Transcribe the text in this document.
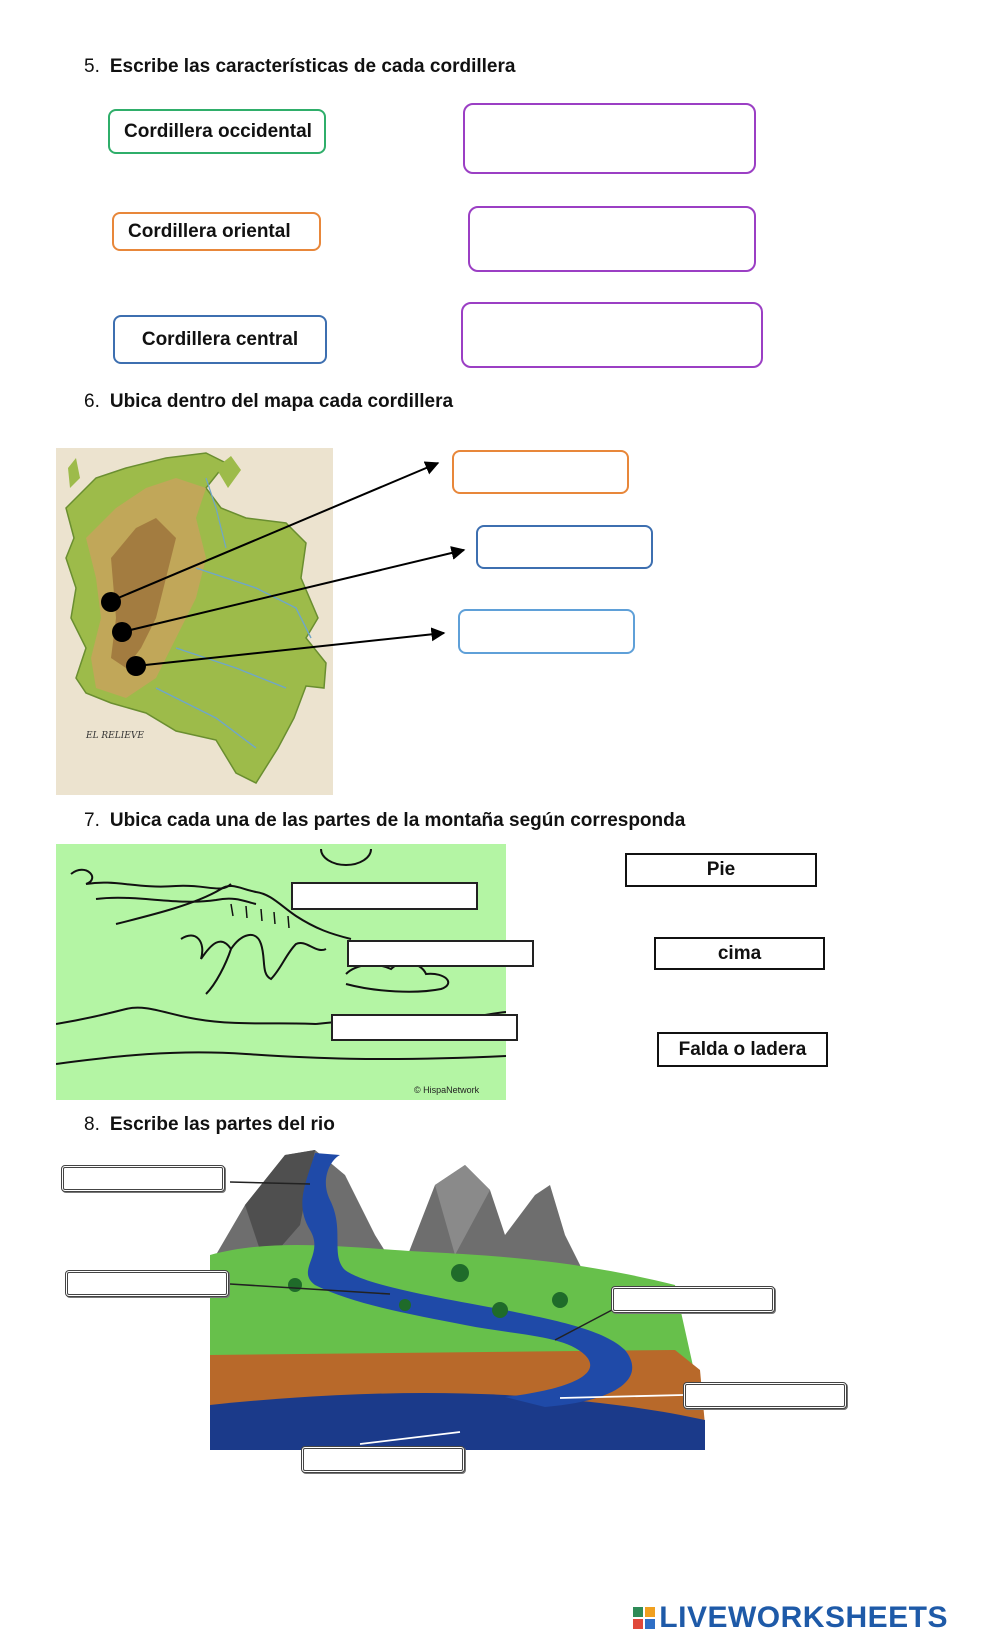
5. Escribe las características de cada cordillera
Cordillera occidental
Cordillera oriental
Cordillera central
6. Ubica dentro del mapa cada cordillera
EL RELIEVE
7. Ubica cada una de las partes de la montaña según corresponda
© HispaNetwork
Pie
cima
Falda o ladera
8. Escribe las partes del rio
LIVEWORKSHEETS
